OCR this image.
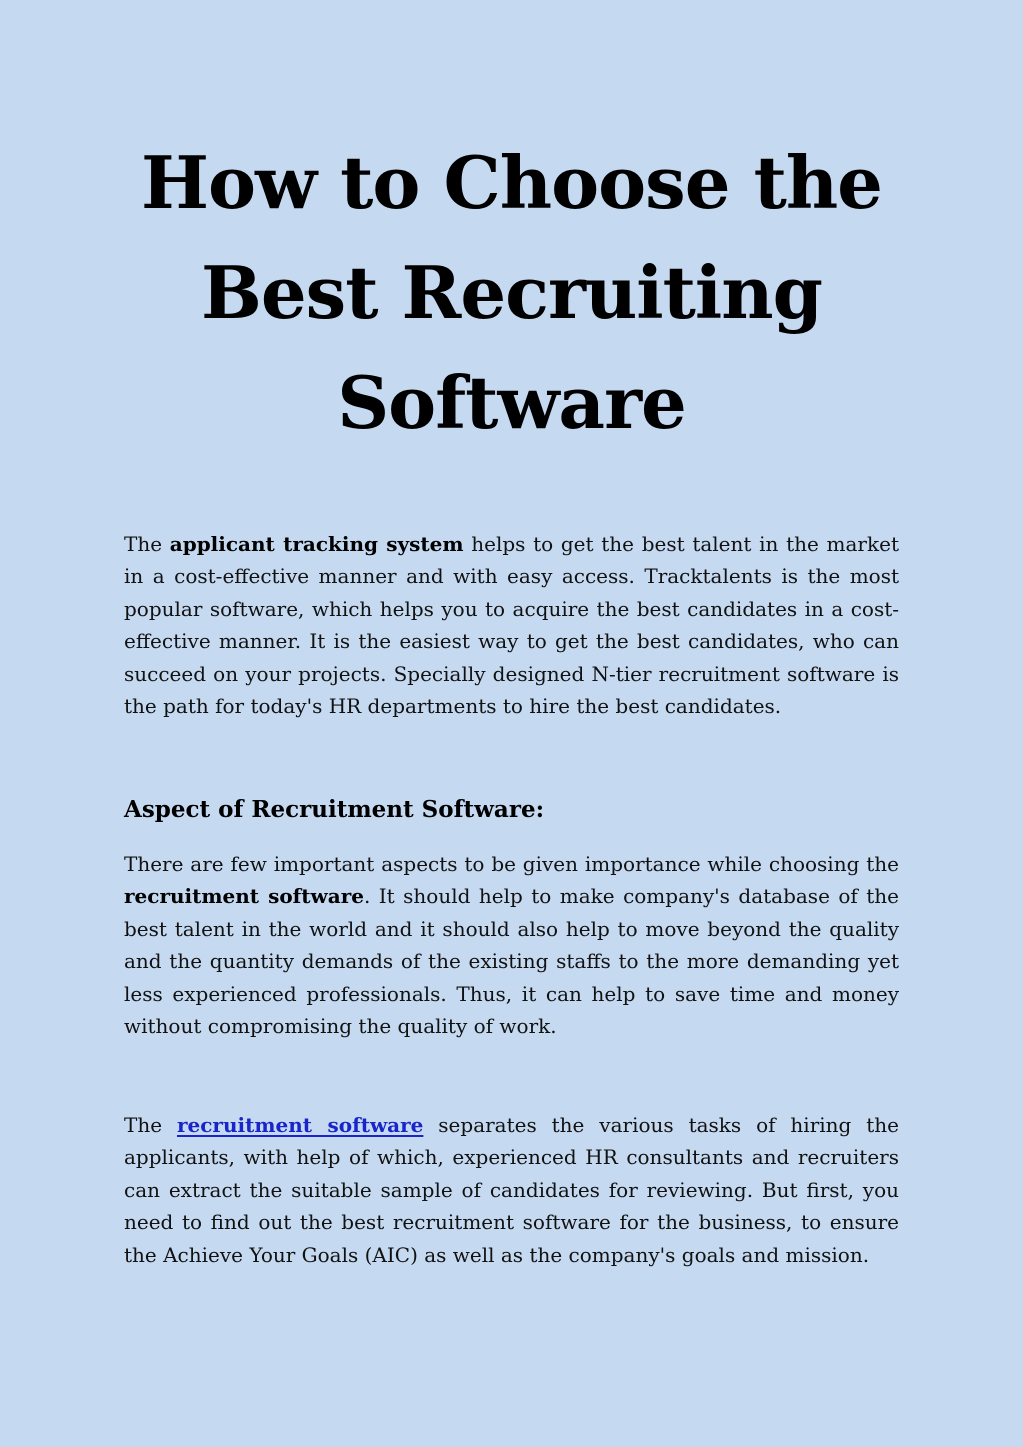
How to Choose the
Best Recruiting
Software

The applicant tracking system helps to get the best talent in the market in a cost-effective manner and with easy access. Tracktalents is the most popular software, which helps you to acquire the best candidates in a cost-effective manner. It is the easiest way to get the best candidates, who can succeed on your projects. Specially designed N-tier recruitment software is the path for today's HR departments to hire the best candidates.

Aspect of Recruitment Software:

There are few important aspects to be given importance while choosing the recruitment software. It should help to make company's database of the best talent in the world and it should also help to move beyond the quality and the quantity demands of the existing staffs to the more demanding yet less experienced professionals. Thus, it can help to save time and money without compromising the quality of work.

The recruitment software separates the various tasks of hiring the applicants, with help of which, experienced HR consultants and recruiters can extract the suitable sample of candidates for reviewing. But first, you need to find out the best recruitment software for the business, to ensure the Achieve Your Goals (AIC) as well as the company's goals and mission.
